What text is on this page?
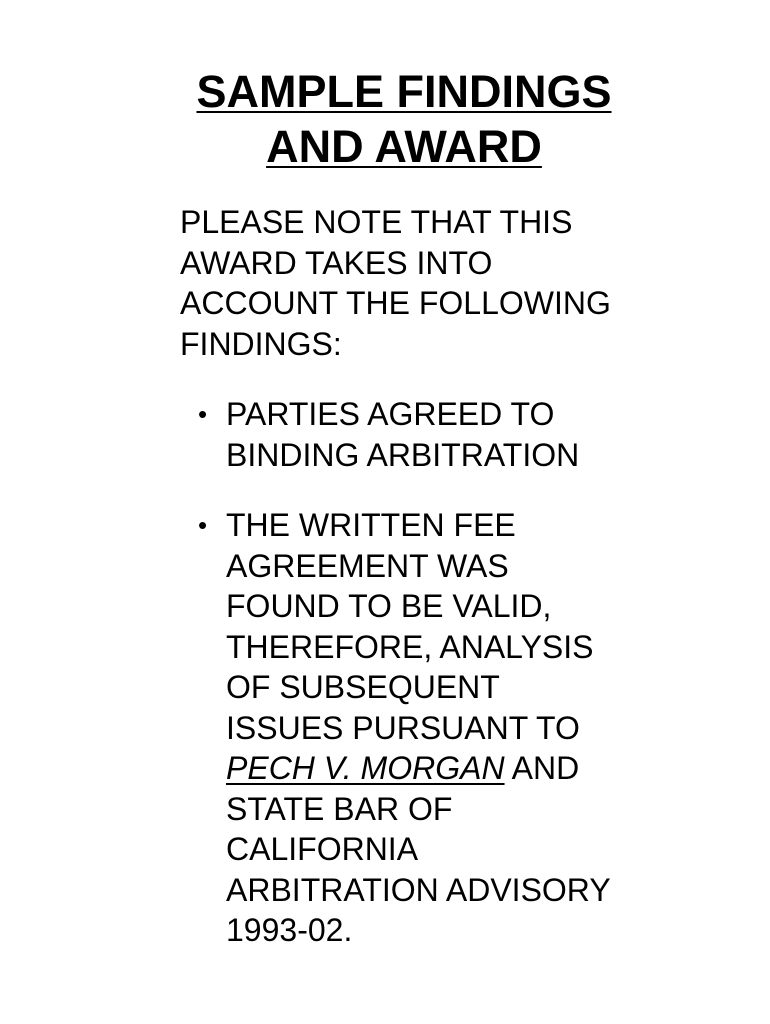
SAMPLE FINDINGS
AND AWARD

PLEASE NOTE THAT THIS
AWARD TAKES INTO
ACCOUNT THE FOLLOWING
FINDINGS:

• PARTIES AGREED TO
BINDING ARBITRATION
• THE WRITTEN FEE
AGREEMENT WAS
FOUND TO BE VALID,
THEREFORE, ANALYSIS
OF SUBSEQUENT
ISSUES PURSUANT TO
PECH V. MORGAN AND
STATE BAR OF
CALIFORNIA
ARBITRATION ADVISORY
1993-02.
